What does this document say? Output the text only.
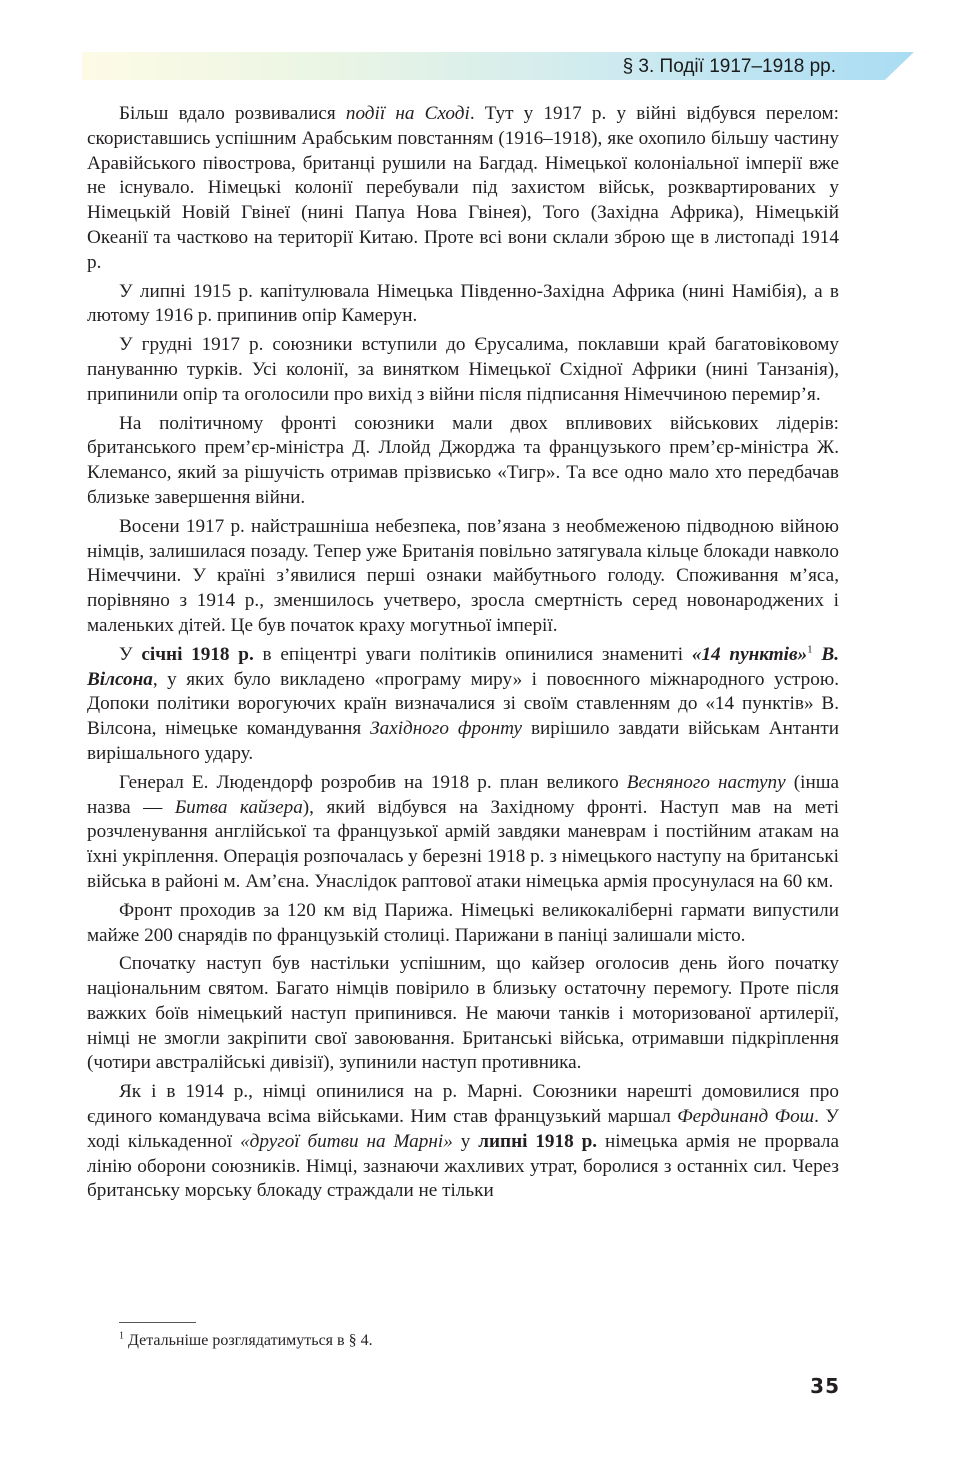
§ 3. Події 1917–1918 рр.

Більш вдало розвивалися події на Сході. Тут у 1917 р. у війні відбувся перелом: скориставшись успішним Арабським повстанням (1916–1918), яке охопило більшу частину Аравійського півострова, британці рушили на Багдад. Німецької колоніальної імперії вже не існувало. Німецькі колонії перебували під захистом військ, розквартированих у Німецькій Новій Гвінеї (нині Папуа Нова Гвінея), Того (Західна Африка), Німецькій Океанії та частково на території Китаю. Проте всі вони склали зброю ще в листопаді 1914 р.

У липні 1915 р. капітулювала Німецька Південно-Західна Африка (нині Намібія), а в лютому 1916 р. припинив опір Камерун.

У грудні 1917 р. союзники вступили до Єрусалима, поклавши край багатовіковому пануванню турків. Усі колонії, за винятком Німецької Східної Африки (нині Танзанія), припинили опір та оголосили про вихід з війни після підписання Німеччиною перемир’я.

На політичному фронті союзники мали двох впливових військових лідерів: британського прем’єр-міністра Д. Ллойд Джорджа та французького прем’єр-міністра Ж. Клемансо, який за рішучість отримав прізвисько «Тигр». Та все одно мало хто передбачав близьке завершення війни.

Восени 1917 р. найстрашніша небезпека, пов’язана з необмеженою підводною війною німців, залишилася позаду. Тепер уже Британія повільно затягувала кільце блокади навколо Німеччини. У країні з’явилися перші ознаки майбутнього голоду. Споживання м’яса, порівняно з 1914 р., зменшилось учетверо, зросла смертність серед новонароджених і маленьких дітей. Це був початок краху могутньої імперії.

У січні 1918 р. в епіцентрі уваги політиків опинилися знамениті «14 пунктів»$^1$ В. Вілсона, у яких було викладено «програму миру» і повоєнного міжнародного устрою. Допоки політики ворогуючих країн визначалися зі своїм ставленням до «14 пунктів» В. Вілсона, німецьке командування Західного фронту вирішило завдати військам Антанти вирішального удару.

Генерал Е. Людендорф розробив на 1918 р. план великого Весняного наступу (інша назва — Битва кайзера), який відбувся на Західному фронті. Наступ мав на меті розчленування англійської та французької армій завдяки маневрам і постійним атакам на їхні укріплення. Операція розпочалась у березні 1918 р. з німецького наступу на британські війська в районі м. Ам’єна. Унаслідок раптової атаки німецька армія просунулася на 60 км.

Фронт проходив за 120 км від Парижа. Німецькі великокаліберні гармати випустили майже 200 снарядів по французькій столиці. Парижани в паніці залишали місто.

Спочатку наступ був настільки успішним, що кайзер оголосив день його початку національним святом. Багато німців повірило в близьку остаточну перемогу. Проте після важких боїв німецький наступ припинився. Не маючи танків і моторизованої артилерії, німці не змогли закріпити свої завоювання. Британські війська, отримавши підкріплення (чотири австралійські дивізії), зупинили наступ противника.

Як і в 1914 р., німці опинилися на р. Марні. Союзники нарешті домовилися про єдиного командувача всіма військами. Ним став французький маршал Фердинанд Фош. У ході кількаденної «другої битви на Марні» у липні 1918 р. німецька армія не прорвала лінію оборони союзників. Німці, зазнаючи жахливих утрат, боролися з останніх сил. Через британську морську блокаду страждали не тільки

$^1$ Детальніше розглядатимуться в § 4.
35
